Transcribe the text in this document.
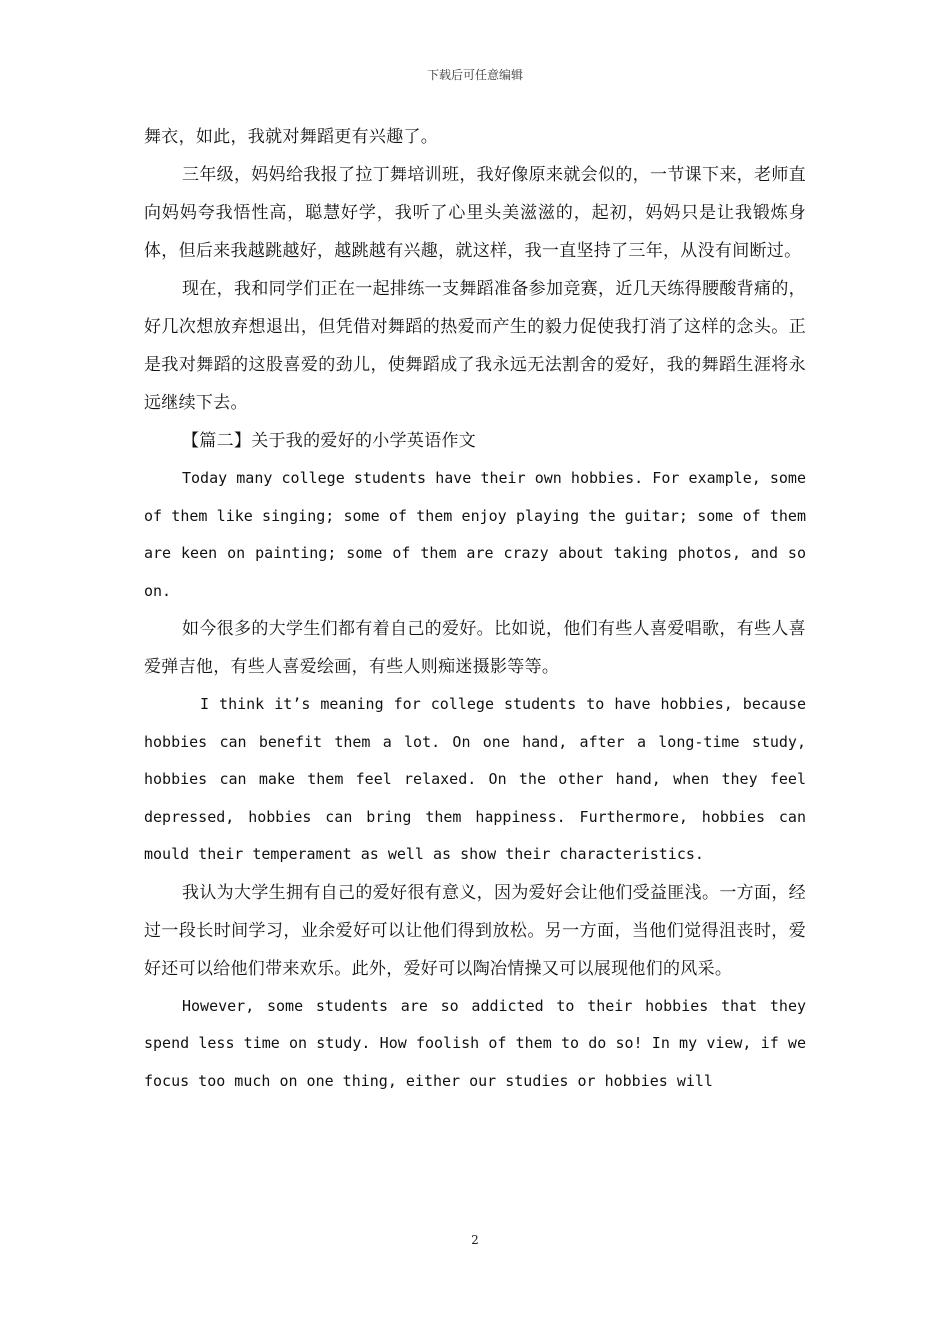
下载后可任意编辑

舞衣，如此，我就对舞蹈更有兴趣了。

三年级，妈妈给我报了拉丁舞培训班，我好像原来就会似的，一节课下来，老师直向妈妈夸我悟性高，聪慧好学，我听了心里头美滋滋的，起初，妈妈只是让我锻炼身体，但后来我越跳越好，越跳越有兴趣，就这样，我一直坚持了三年，从没有间断过。

现在，我和同学们正在一起排练一支舞蹈准备参加竞赛，近几天练得腰酸背痛的，好几次想放弃想退出，但凭借对舞蹈的热爱而产生的毅力促使我打消了这样的念头。正是我对舞蹈的这股喜爱的劲儿，使舞蹈成了我永远无法割舍的爱好，我的舞蹈生涯将永远继续下去。

【篇二】关于我的爱好的小学英语作文

Today many college students have their own hobbies. For example, some of them like singing; some of them enjoy playing the guitar; some of them are keen on painting; some of them are crazy about taking photos, and so on.

如今很多的大学生们都有着自己的爱好。比如说，他们有些人喜爱唱歌，有些人喜爱弹吉他，有些人喜爱绘画，有些人则痴迷摄影等等。

I think it’s meaning for college students to have hobbies, because hobbies can benefit them a lot. On one hand, after a long-time study, hobbies can make them feel relaxed. On the other hand, when they feel depressed, hobbies can bring them happiness. Furthermore, hobbies can mould their temperament as well as show their characteristics.

我认为大学生拥有自己的爱好很有意义，因为爱好会让他们受益匪浅。一方面，经过一段长时间学习，业余爱好可以让他们得到放松。另一方面，当他们觉得沮丧时，爱好还可以给他们带来欢乐。此外，爱好可以陶冶情操又可以展现他们的风采。

However, some students are so addicted to their hobbies that they spend less time on study. How foolish of them to do so! In my view, if we focus too much on one thing, either our studies or hobbies will

2
